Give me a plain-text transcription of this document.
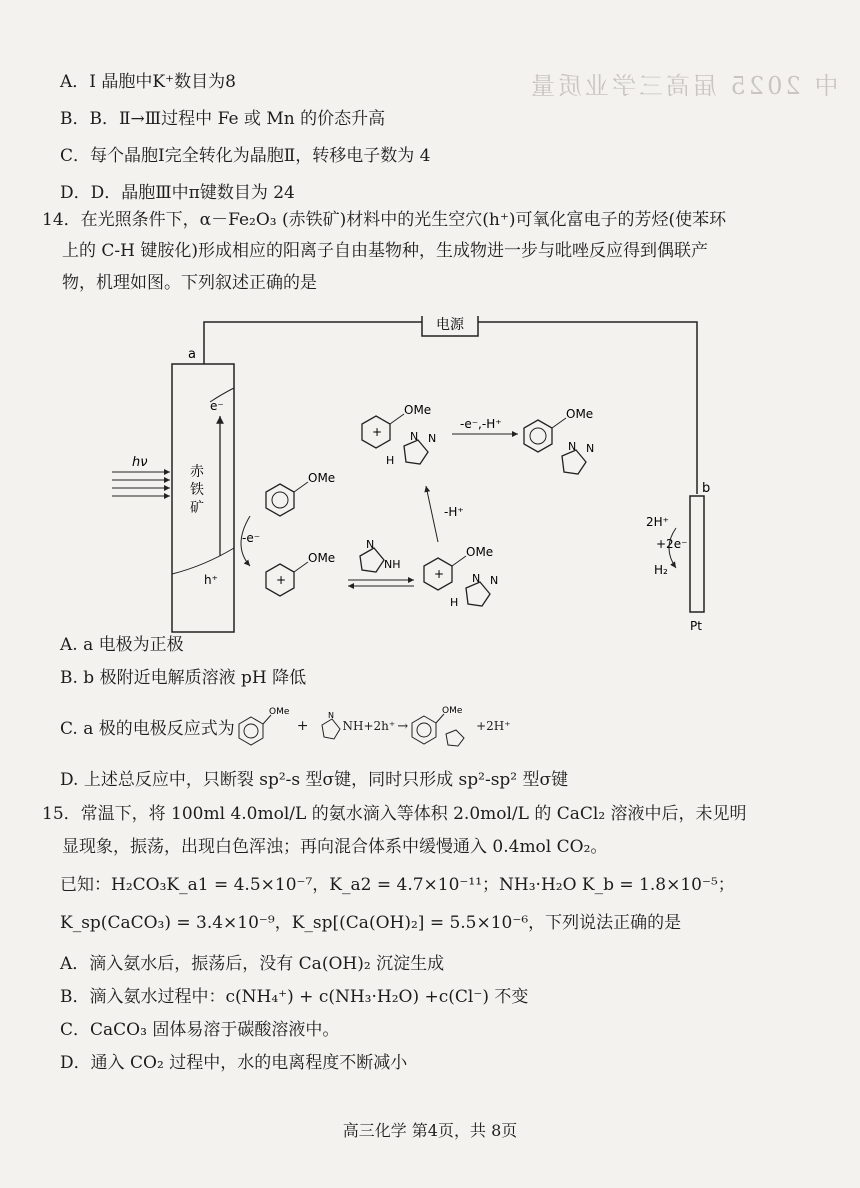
中 2025 届高三学业质量
A．Ⅰ 晶胞中K⁺数目为8
B．B．Ⅱ→Ⅲ过程中 Fe 或 Mn 的价态升高
C．每个晶胞Ⅰ完全转化为晶胞Ⅱ，转移电子数为 4
D．D．晶胞Ⅲ中π键数目为 24
14．在光照条件下，α－Fe₂O₃ (赤铁矿)材料中的光生空穴(h⁺)可氧化富电子的芳烃(使苯环
上的 C-H 键胺化)形成相应的阳离子自由基物种，生成物进一步与吡唑反应得到偶联产
物，机理如图。下列叙述正确的是
电源
a
赤 铁 矿
e⁻
h⁺
hν
OMe
-e⁻
+
OMe
N
NH
+
OMe
H
N N
-H⁺
+
OMe
H
N N
-e⁻,-H⁺
OMe
N N
b
Pt
2H⁺
+2e⁻
H₂
A. a 电极为正极
B. b 极附近电解质溶液 pH 降低
C. a 极的电极反应式为
OMe
+
N
NH+2h⁺ →
OMe
+2H⁺
D. 上述总反应中，只断裂 sp²-s 型σ键，同时只形成 sp²-sp² 型σ键
15．常温下，将 100ml 4.0mol/L 的氨水滴入等体积 2.0mol/L 的 CaCl₂ 溶液中后，未见明
显现象，振荡，出现白色浑浊；再向混合体系中缓慢通入 0.4mol CO₂。
已知：H₂CO₃K_a1 = 4.5×10⁻⁷，K_a2 = 4.7×10⁻¹¹；NH₃·H₂O K_b = 1.8×10⁻⁵；
K_sp(CaCO₃) = 3.4×10⁻⁹，K_sp[(Ca(OH)₂] = 5.5×10⁻⁶，下列说法正确的是
A．滴入氨水后，振荡后，没有 Ca(OH)₂ 沉淀生成
B．滴入氨水过程中：c(NH₄⁺) + c(NH₃·H₂O) +c(Cl⁻) 不变
C．CaCO₃ 固体易溶于碳酸溶液中。
D．通入 CO₂ 过程中，水的电离程度不断减小
高三化学 第4页，共 8页
